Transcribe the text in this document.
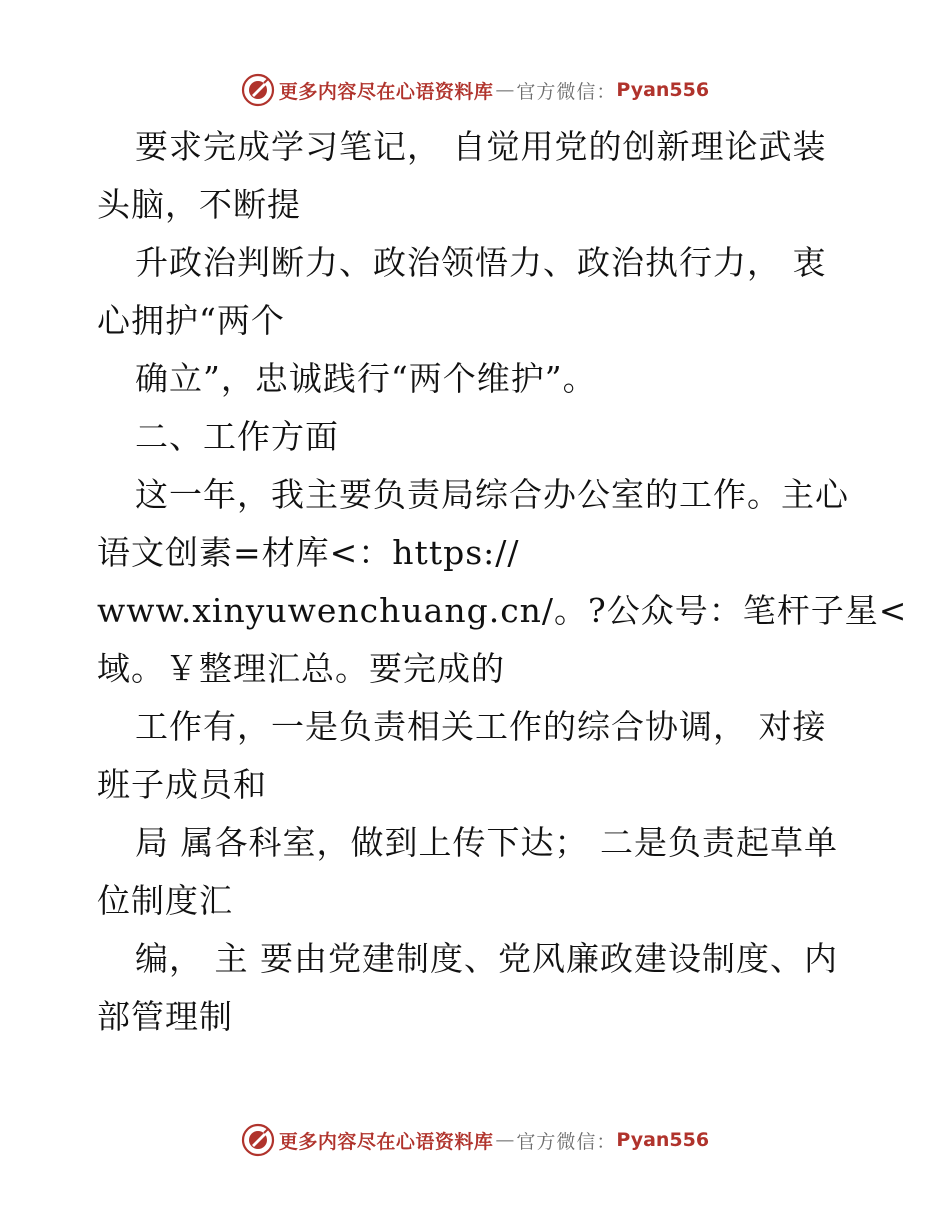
更多内容尽在心语资料库 — 官方微信： Pyan556
要求完成学习笔记， 自觉用党的创新理论武装
头脑，不断提
升政治判断力、政治领悟力、政治执行力， 衷
心拥护“两个
确立”，忠诚践行“两个维护”。
二、工作方面
这一年，我主要负责局综合办公室的工作。主心
语文创素=材库<：https://
www.xinyuwenchuang.cn/。?公众号：笔杆子星<
域。￥整理汇总。要完成的
工作有，一是负责相关工作的综合协调， 对接
班子成员和
局 属各科室，做到上传下达； 二是负责起草单
位制度汇
编， 主 要由党建制度、党风廉政建设制度、内
部管理制
更多内容尽在心语资料库 — 官方微信： Pyan556
